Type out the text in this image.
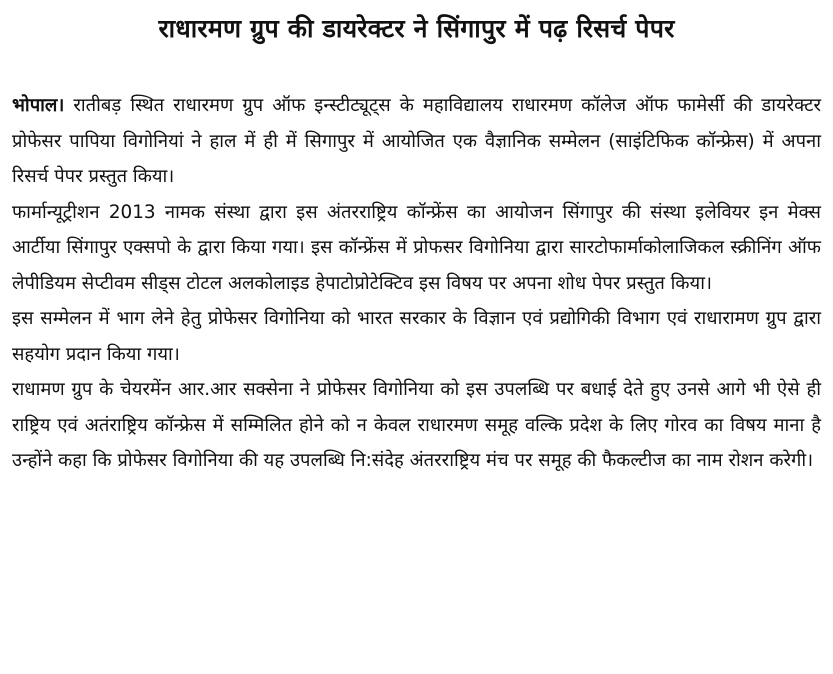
राधारमण ग्रुप की डायरेक्टर ने सिंगापुर में पढ़ रिसर्च पेपर

भोपाल। रातीबड़ स्थित राधारमण ग्रुप ऑफ इन्स्टीट्यूट्स के महाविद्यालय राधारमण कॉलेज ऑफ फामेर्सी की डायरेक्टर प्रोफेसर पापिया विगोनियां ने हाल में ही में सिगापुर में आयोजित एक वैज्ञानिक सम्मेलन (साइंटिफिक कॉन्फ्रेस) में अपना रिसर्च पेपर प्रस्तुत किया।

फार्मान्यूट्रीशन 2013 नामक संस्था द्वारा इस अंतरराष्ट्रिय कॉन्फ्रेंस का आयोजन सिंगापुर की संस्था इलेवियर इन मेक्स आर्टीया सिंगापुर एक्सपो के द्वारा किया गया। इस कॉन्फ्रेंस में प्रोफसर विगोनिया द्वारा सारटोफार्माकोलाजिकल स्क्रीनिंग ऑफ लेपीडियम सेप्टीवम सीड्स टोटल अलकोलाइड हेपाटोप्रोटेक्टिव इस विषय पर अपना शोध पेपर प्रस्तुत किया।

इस सम्मेलन में भाग लेने हेतु प्रोफेसर विगोनिया को भारत सरकार के विज्ञान एवं प्रद्योगिकी विभाग एवं राधारामण ग्रुप द्वारा सहयोग प्रदान किया गया।

राधामण ग्रुप के चेयरमेंन आर.आर सक्सेना ने प्रोफेसर विगोनिया को इस उपलब्धि पर बधाई देते हुए उनसे आगे भी ऐसे ही राष्ट्रिय एवं अतंराष्ट्रिय कॉन्फ्रेस में सम्मिलित होने को न केवल राधारमण समूह वल्कि प्रदेश के लिए गोरव का विषय माना है उन्होंने कहा कि प्रोफेसर विगोनिया की यह उपलब्धि नि:संदेह अंतरराष्ट्रिय मंच पर समूह की फैकल्टीज का नाम रोशन करेगी।
